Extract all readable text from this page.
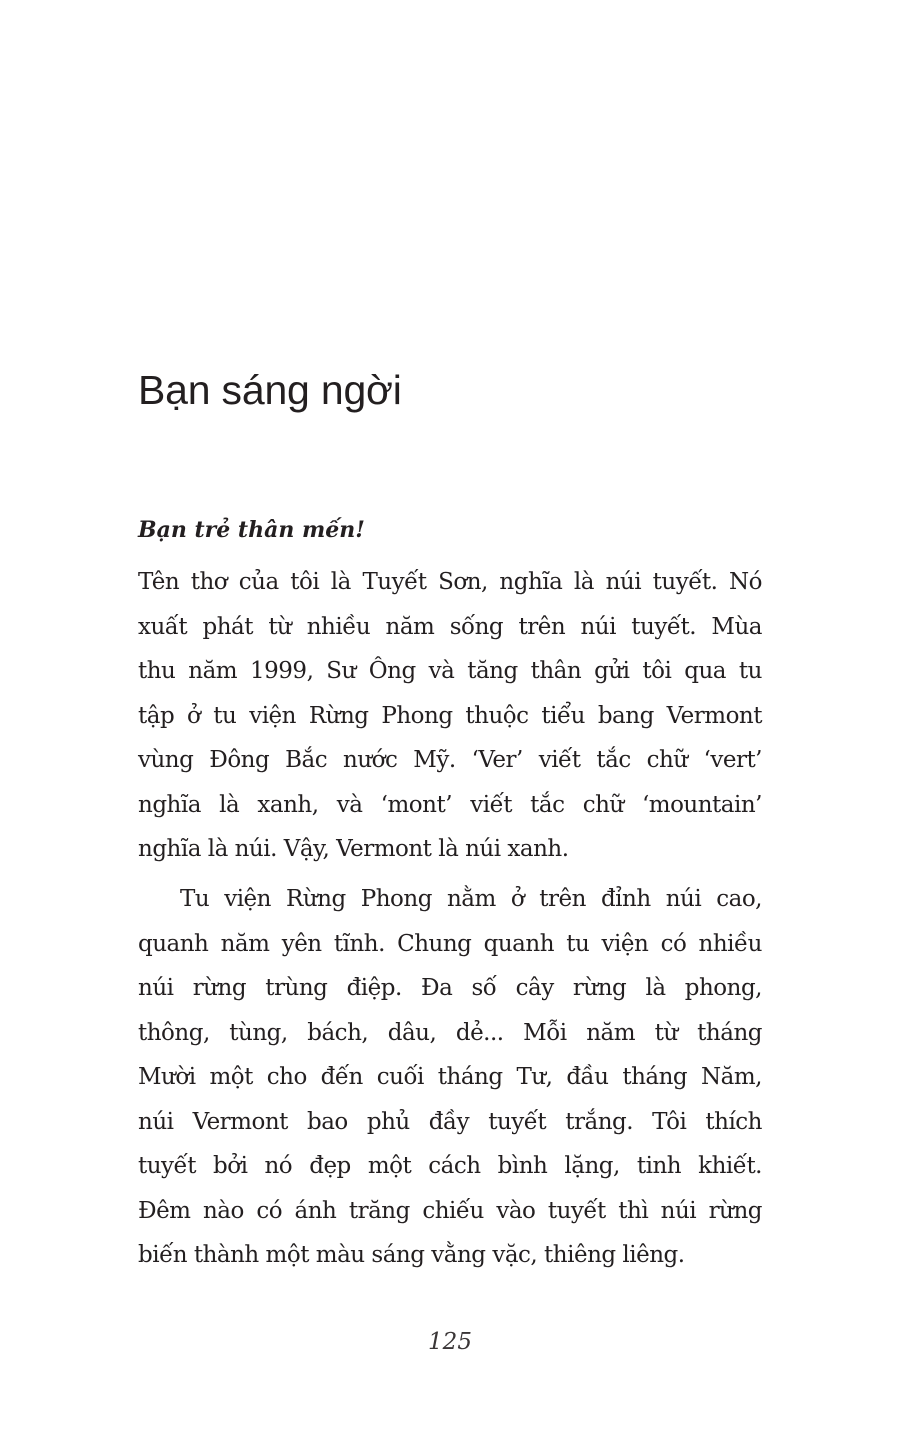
Bạn sáng ngời
Bạn trẻ thân mến!
Tên thơ của tôi là Tuyết Sơn, nghĩa là núi tuyết. Nó
xuất phát từ nhiều năm sống trên núi tuyết. Mùa
thu năm 1999, Sư Ông và tăng thân gửi tôi qua tu
tập ở tu viện Rừng Phong thuộc tiểu bang Vermont
vùng Đông Bắc nước Mỹ. ‘Ver’ viết tắc chữ ‘vert’
nghĩa là xanh, và ‘mont’ viết tắc chữ ‘mountain’
nghĩa là núi. Vậy, Vermont là núi xanh.
Tu viện Rừng Phong nằm ở trên đỉnh núi cao,
quanh năm yên tĩnh. Chung quanh tu viện có nhiều
núi rừng trùng điệp. Đa số cây rừng là phong,
thông, tùng, bách, dâu, dẻ... Mỗi năm từ tháng
Mười một cho đến cuối tháng Tư, đầu tháng Năm,
núi Vermont bao phủ đầy tuyết trắng. Tôi thích
tuyết bởi nó đẹp một cách bình lặng, tinh khiết.
Đêm nào có ánh trăng chiếu vào tuyết thì núi rừng
biến thành một màu sáng vằng vặc, thiêng liêng.
125
